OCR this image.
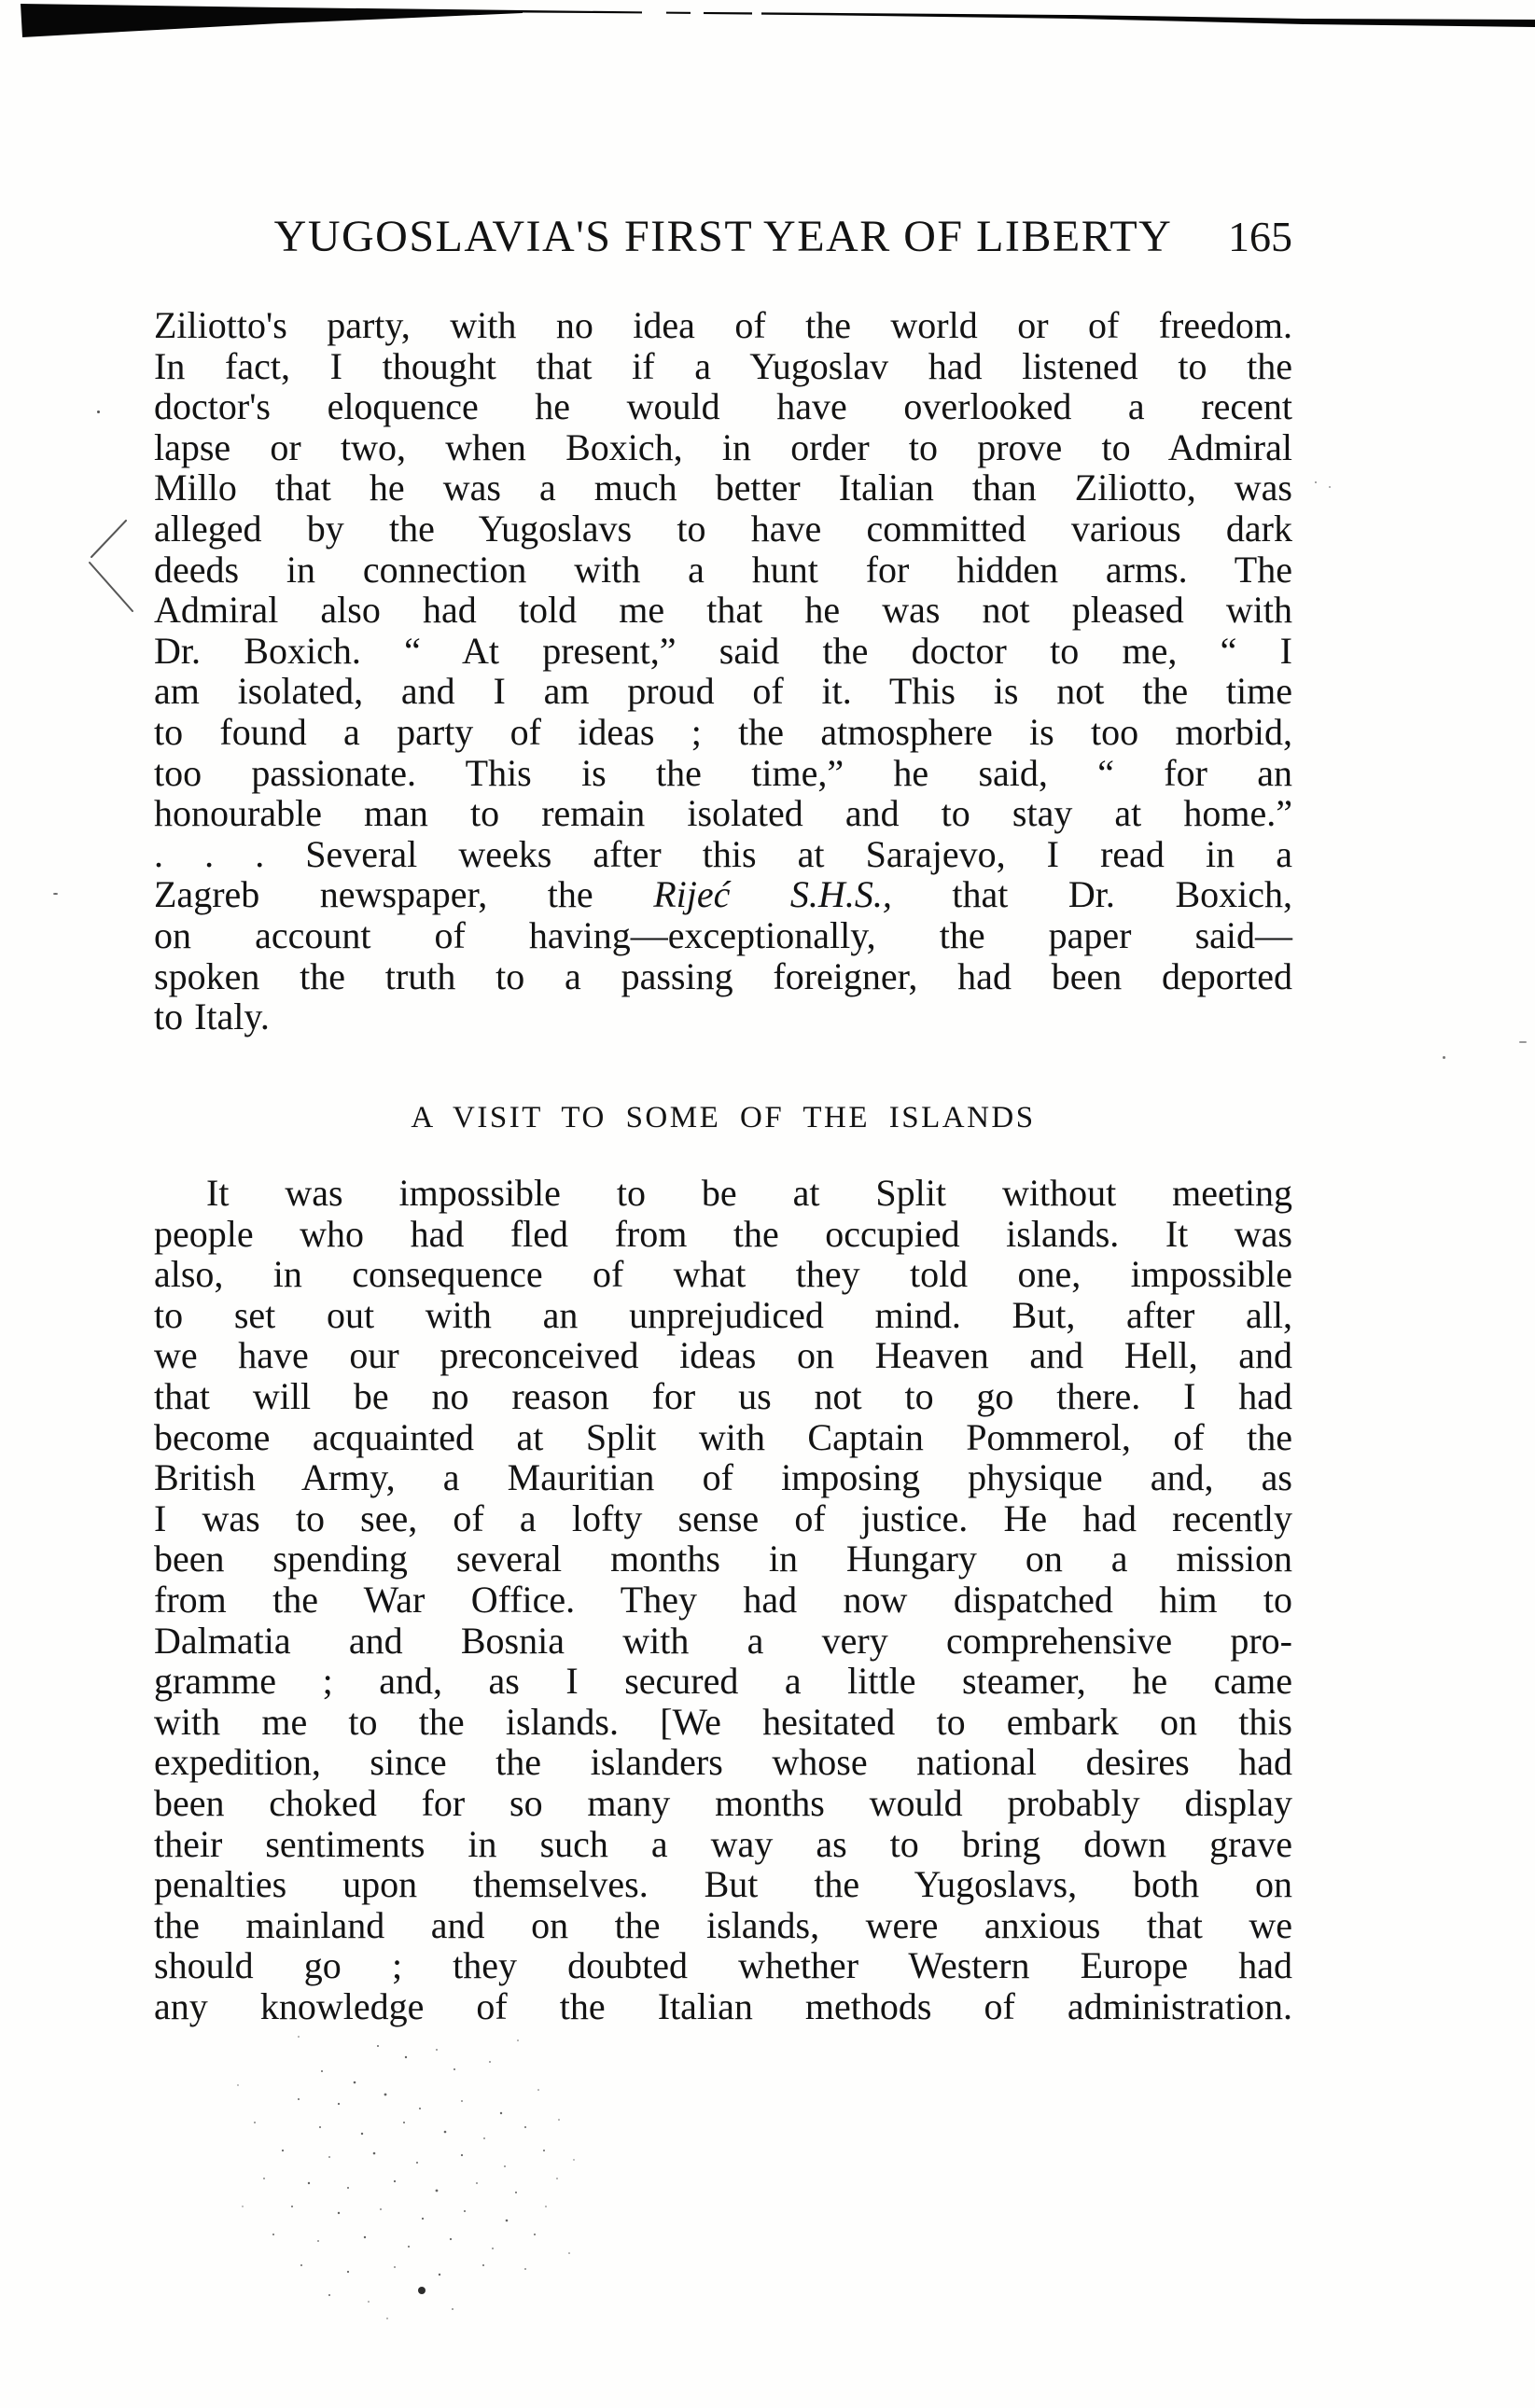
YUGOSLAVIA'S FIRST YEAR OF LIBERTY	165
Ziliotto's party, with no idea of the world or of freedom.
In fact, I thought that if a Yugoslav had listened to the
doctor's eloquence he would have overlooked a recent
lapse or two, when Boxich, in order to prove to Admiral
Millo that he was a much better Italian than Ziliotto, was
alleged by the Yugoslavs to have committed various dark
deeds in connection with a hunt for hidden arms. The
Admiral also had told me that he was not pleased with
Dr. Boxich. “ At present,” said the doctor to me, “ I
am isolated, and I am proud of it. This is not the time
to found a party of ideas ; the atmosphere is too morbid,
too passionate. This is the time,” he said, “ for an
honourable man to remain isolated and to stay at home.”
. . . Several weeks after this at Sarajevo, I read in a
Zagreb newspaper, the Rijeć S.H.S., that Dr. Boxich,
on account of having—exceptionally, the paper said—
spoken the truth to a passing foreigner, had been deported
to Italy.
A VISIT TO SOME OF THE ISLANDS
It was impossible to be at Split without meeting
people who had fled from the occupied islands. It was
also, in consequence of what they told one, impossible
to set out with an unprejudiced mind. But, after all,
we have our preconceived ideas on Heaven and Hell, and
that will be no reason for us not to go there. I had
become acquainted at Split with Captain Pommerol, of the
British Army, a Mauritian of imposing physique and, as
I was to see, of a lofty sense of justice. He had recently
been spending several months in Hungary on a mission
from the War Office. They had now dispatched him to
Dalmatia and Bosnia with a very comprehensive pro-
gramme ; and, as I secured a little steamer, he came
with me to the islands. [We hesitated to embark on this
expedition, since the islanders whose national desires had
been choked for so many months would probably display
their sentiments in such a way as to bring down grave
penalties upon themselves. But the Yugoslavs, both on
the mainland and on the islands, were anxious that we
should go ; they doubted whether Western Europe had
any knowledge of the Italian methods of administration.
